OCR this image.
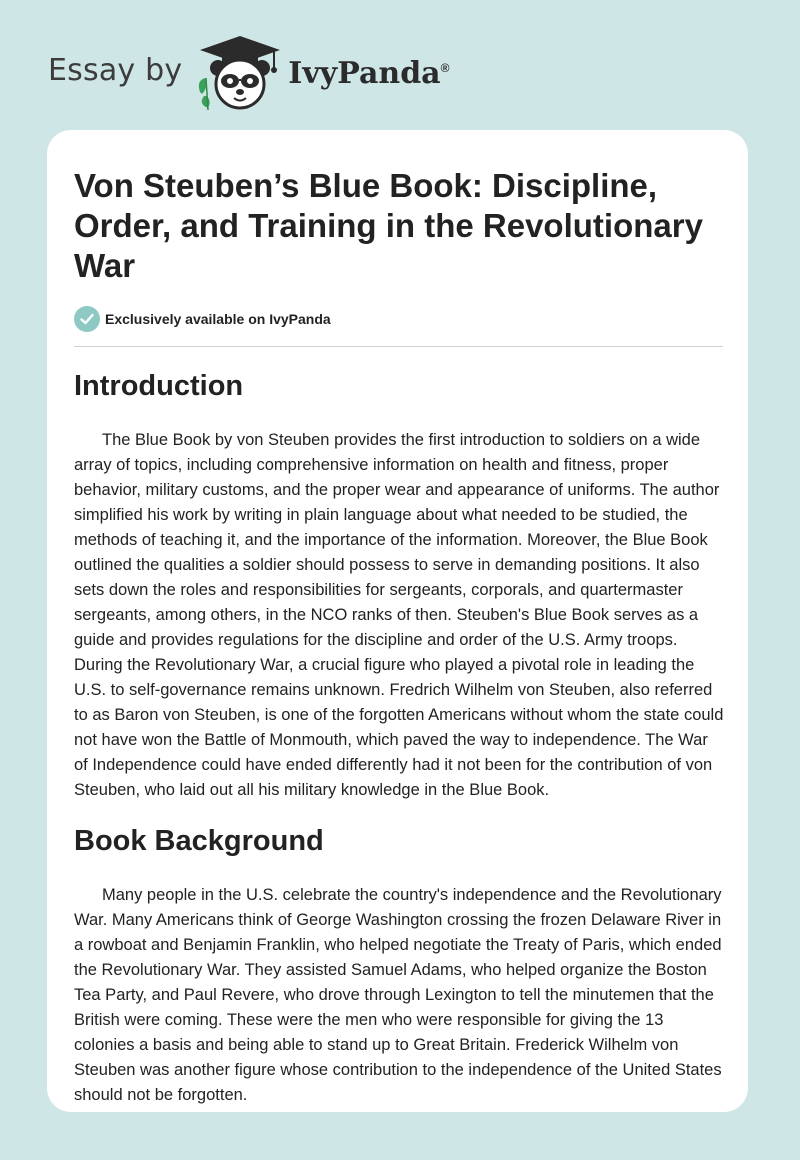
Essay by	IvyPanda®
Von Steuben’s Blue Book: Discipline, Order, and Training in the Revolutionary War
Exclusively available on IvyPanda
Introduction

The Blue Book by von Steuben provides the first introduction to soldiers on a wide array of topics, including comprehensive information on health and fitness, proper behavior, military customs, and the proper wear and appearance of uniforms. The author simplified his work by writing in plain language about what needed to be studied, the methods of teaching it, and the importance of the information. Moreover, the Blue Book outlined the qualities a soldier should possess to serve in demanding positions. It also sets down the roles and responsibilities for sergeants, corporals, and quartermaster sergeants, among others, in the NCO ranks of then. Steuben's Blue Book serves as a guide and provides regulations for the discipline and order of the U.S. Army troops. During the Revolutionary War, a crucial figure who played a pivotal role in leading the U.S. to self-governance remains unknown. Fredrich Wilhelm von Steuben, also referred to as Baron von Steuben, is one of the forgotten Americans without whom the state could not have won the Battle of Monmouth, which paved the way to independence. The War of Independence could have ended differently had it not been for the contribution of von Steuben, who laid out all his military knowledge in the Blue Book.

Book Background

Many people in the U.S. celebrate the country's independence and the Revolutionary War. Many Americans think of George Washington crossing the frozen Delaware River in a rowboat and Benjamin Franklin, who helped negotiate the Treaty of Paris, which ended the Revolutionary War. They assisted Samuel Adams, who helped organize the Boston Tea Party, and Paul Revere, who drove through Lexington to tell the minutemen that the British were coming. These were the men who were responsible for giving the 13 colonies a basis and being able to stand up to Great Britain. Frederick Wilhelm von Steuben was another figure whose contribution to the independence of the United States should not be forgotten.
